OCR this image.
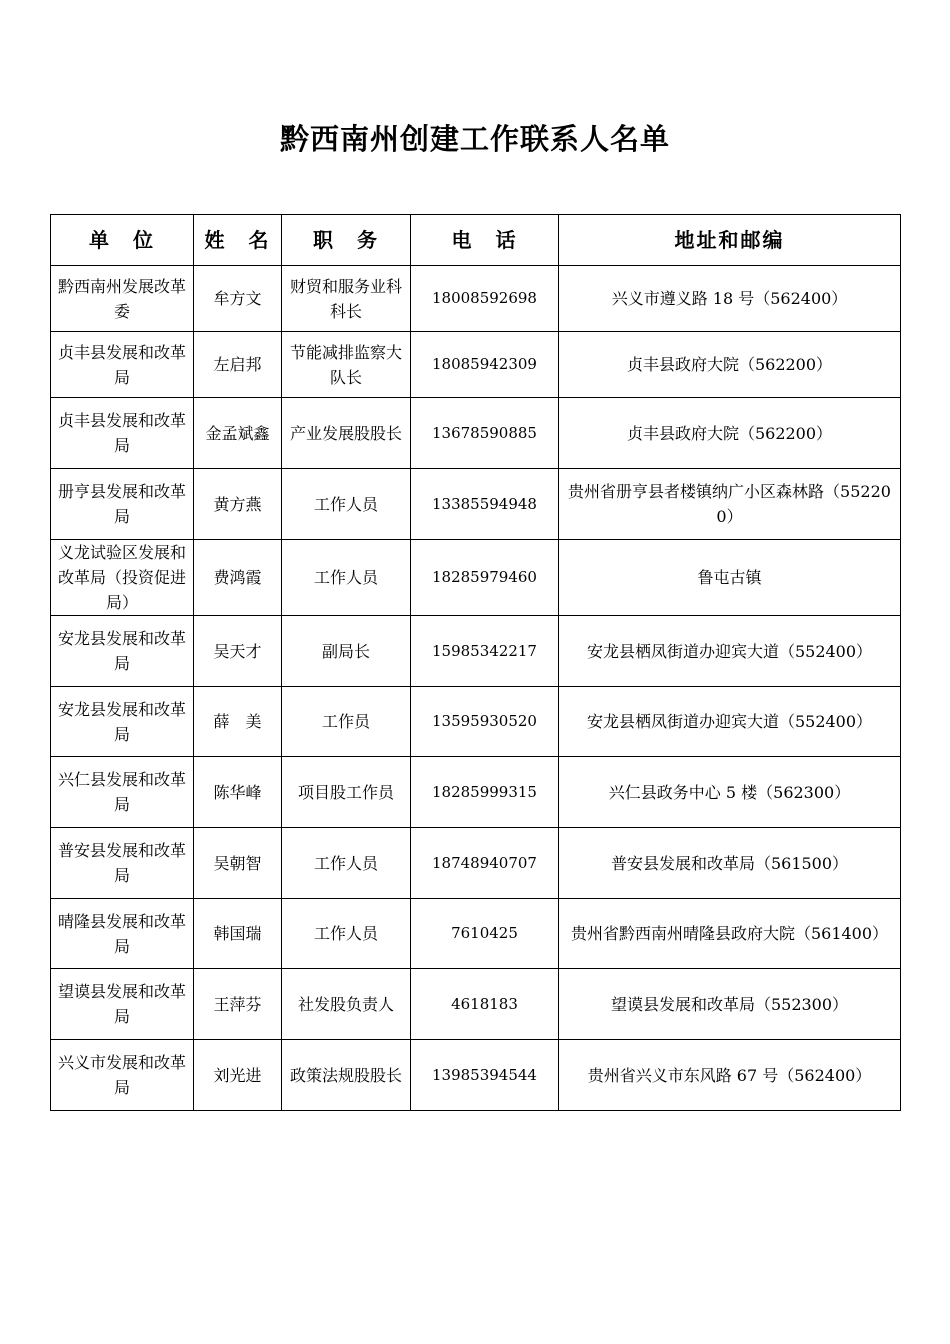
黔西南州创建工作联系人名单
单　位	姓　名	职　务	电　话	地址和邮编
黔西南州发展改革委	牟方文	财贸和服务业科科长	18008592698	兴义市遵义路 18 号（562400）
贞丰县发展和改革局	左启邦	节能减排监察大队长	18085942309	贞丰县政府大院（562200）
贞丰县发展和改革局	金孟斌鑫	产业发展股股长	13678590885	贞丰县政府大院（562200）
册亨县发展和改革局	黄方燕	工作人员	13385594948	贵州省册亨县者楼镇纳广小区森林路（552200）
义龙试验区发展和改革局（投资促进局）	费鸿霞	工作人员	18285979460	鲁屯古镇
安龙县发展和改革局	吴天才	副局长	15985342217	安龙县栖凤街道办迎宾大道（552400）
安龙县发展和改革局	薛　美	工作员	13595930520	安龙县栖凤街道办迎宾大道（552400）
兴仁县发展和改革局	陈华峰	项目股工作员	18285999315	兴仁县政务中心 5 楼（562300）
普安县发展和改革局	吴朝智	工作人员	18748940707	普安县发展和改革局（561500）
晴隆县发展和改革局	韩国瑞	工作人员	7610425	贵州省黔西南州晴隆县政府大院（561400）
望谟县发展和改革局	王萍芬	社发股负责人	4618183	望谟县发展和改革局（552300）
兴义市发展和改革局	刘光进	政策法规股股长	13985394544	贵州省兴义市东风路 67 号（562400）
